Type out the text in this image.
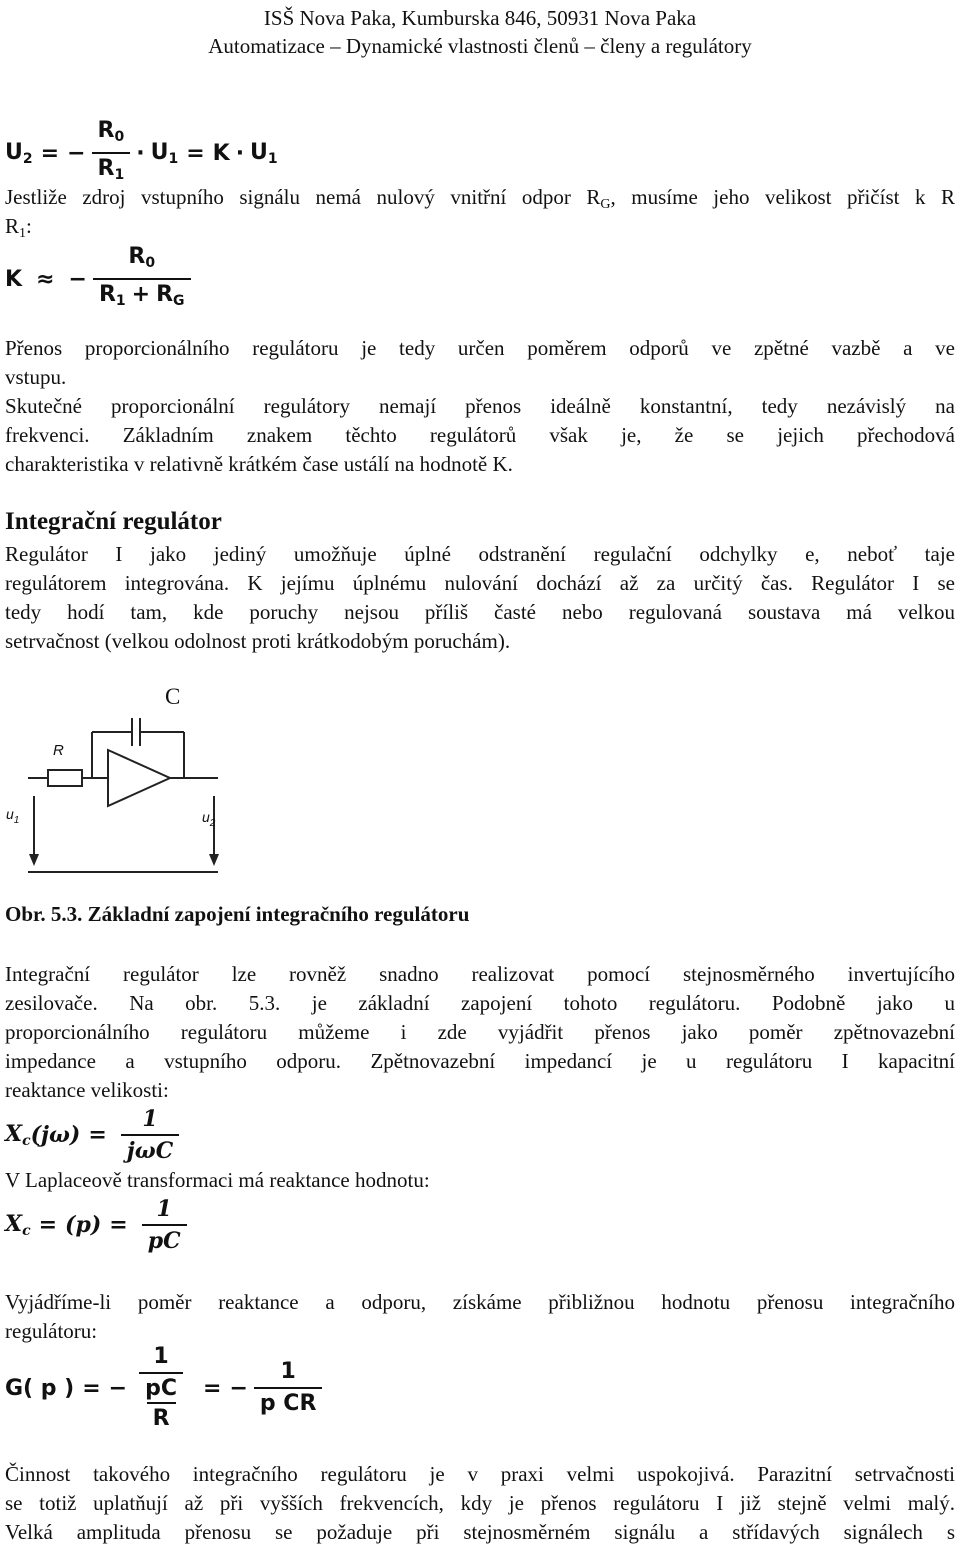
ISŠ Nova Paka, Kumburska 846, 50931 Nova Paka
Automatizace – Dynamické vlastnosti členů – členy a regulátory
$U_2$ = − $\frac{R_0}{R_1} \cdot U_1 = K \cdot U_1$
Jestliže zdroj vstupního signálu nemá nulový vnitřní odpor $R_G$, musíme jeho velikost přičíst k R
$R_1$:
K ≈ − $\frac{R_0}{R_1 + R_G}$
Přenos proporcionálního regulátoru je tedy určen poměrem odporů ve zpětné vazbě a ve
vstupu.
Skutečné proporcionální regulátory nemají přenos ideálně konstantní, tedy nezávislý na
frekvenci. Základním znakem těchto regulátorů však je, že se jejich přechodová
charakteristika v relativně krátkém čase ustálí na hodnotě K.
Integrační regulátor
Regulátor I jako jediný umožňuje úplné odstranění regulační odchylky e, neboť taje
regulátorem integrována. K jejímu úplnému nulování dochází až za určitý čas. Regulátor I se
tedy hodí tam, kde poruchy nejsou příliš časté nebo regulovaná soustava má velkou
setrvačnost (velkou odolnost proti krátkodobým poruchám).
C
R
$u_1$	$u_2$
Obr. 5.3. Základní zapojení integračního regulátoru
Integrační regulátor lze rovněž snadno realizovat pomocí stejnosměrného invertujícího
zesilovače. Na obr. 5.3. je základní zapojení tohoto regulátoru. Podobně jako u
proporcionálního regulátoru můžeme i zde vyjádřit přenos jako poměr zpětnovazební
impedance a vstupního odporu. Zpětnovazební impedancí je u regulátoru I kapacitní
reaktance velikosti:
$X_c$ $(j\omega) = \frac{1}{\text{jωC}}$
V Laplaceově transformaci má reaktance hodnotu:
$X_c = (p) = \frac{1}{pC}$
Vyjádříme-li poměr reaktance a odporu, získáme přibližnou hodnotu přenosu integračního
regulátoru:
G( p ) = − $\frac{\frac{1}{pC}}{R}$ = − $\frac{1}{\text{p CR}}$
Činnost takového integračního regulátoru je v praxi velmi uspokojivá. Parazitní setrvačnosti
se totiž uplatňují až při vyšších frekvencích, kdy je přenos regulátoru I již stejně velmi malý.
Velká amplituda přenosu se požaduje při stejnosměrném signálu a střídavých signálech s
